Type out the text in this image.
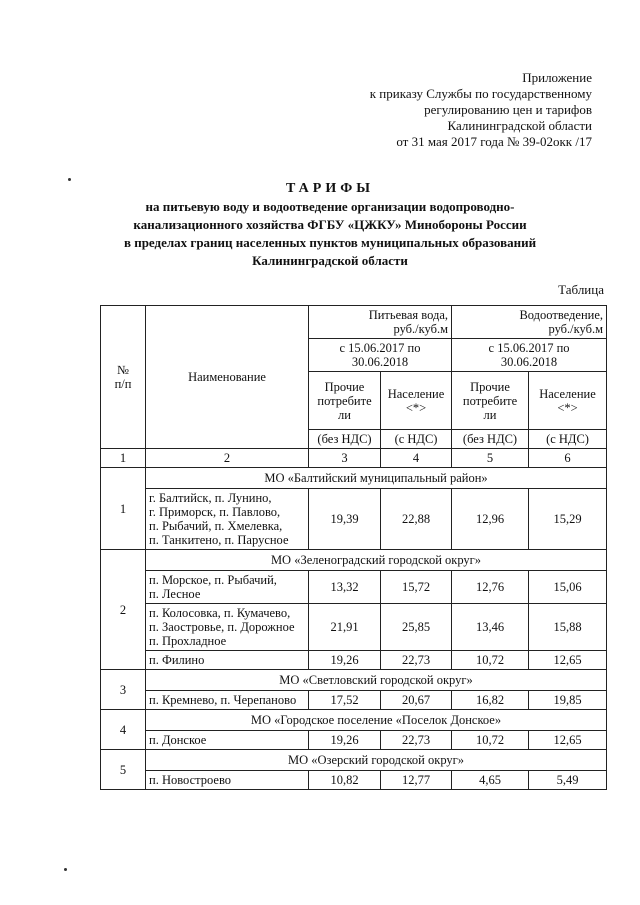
Приложение
к приказу Службы по государственному
регулированию цен и тарифов
Калининградской области
от 31 мая 2017 года № 39-02окк /17
ТАРИФЫ
на питьевую воду и водоотведение организации водопроводно-
канализационного хозяйства ФГБУ «ЦЖКУ» Минобороны России
в пределах границ населенных пунктов муниципальных образований
Калининградской области
Таблица
№
п/п	Наименование	Питьевая вода,
руб./куб.м		Водоотведение,
руб./куб.м	
		с 15.06.2017 по
30.06.2018		с 15.06.2017 по
30.06.2018	
		Прочие
потребите
ли	Население
<*>	Прочие
потребите
ли	Население
<*>
		(без НДС)	(с НДС)	(без НДС)	(с НДС)
1	2	3	4	5	6
1	МО «Балтийский муниципальный район»				
	г. Балтийск, п. Лунино,
г. Приморск, п. Павлово,
п. Рыбачий, п. Хмелевка,
п. Танкитено, п. Парусное	19,39	22,88	12,96	15,29
2	МО «Зеленоградский городской округ»				
	п. Морское, п. Рыбачий,
п. Лесное	13,32	15,72	12,76	15,06
	п. Колосовка, п. Кумачево,
п. Заостровье, п. Дорожное
п. Прохладное	21,91	25,85	13,46	15,88
	п. Филино	19,26	22,73	10,72	12,65
3	МО «Светловский городской округ»				
	п. Кремнево, п. Черепаново	17,52	20,67	16,82	19,85
4	МО «Городское поселение «Поселок Донское»				
	п. Донское	19,26	22,73	10,72	12,65
5	МО «Озерский городской округ»				
	п. Новостроево	10,82	12,77	4,65	5,49
